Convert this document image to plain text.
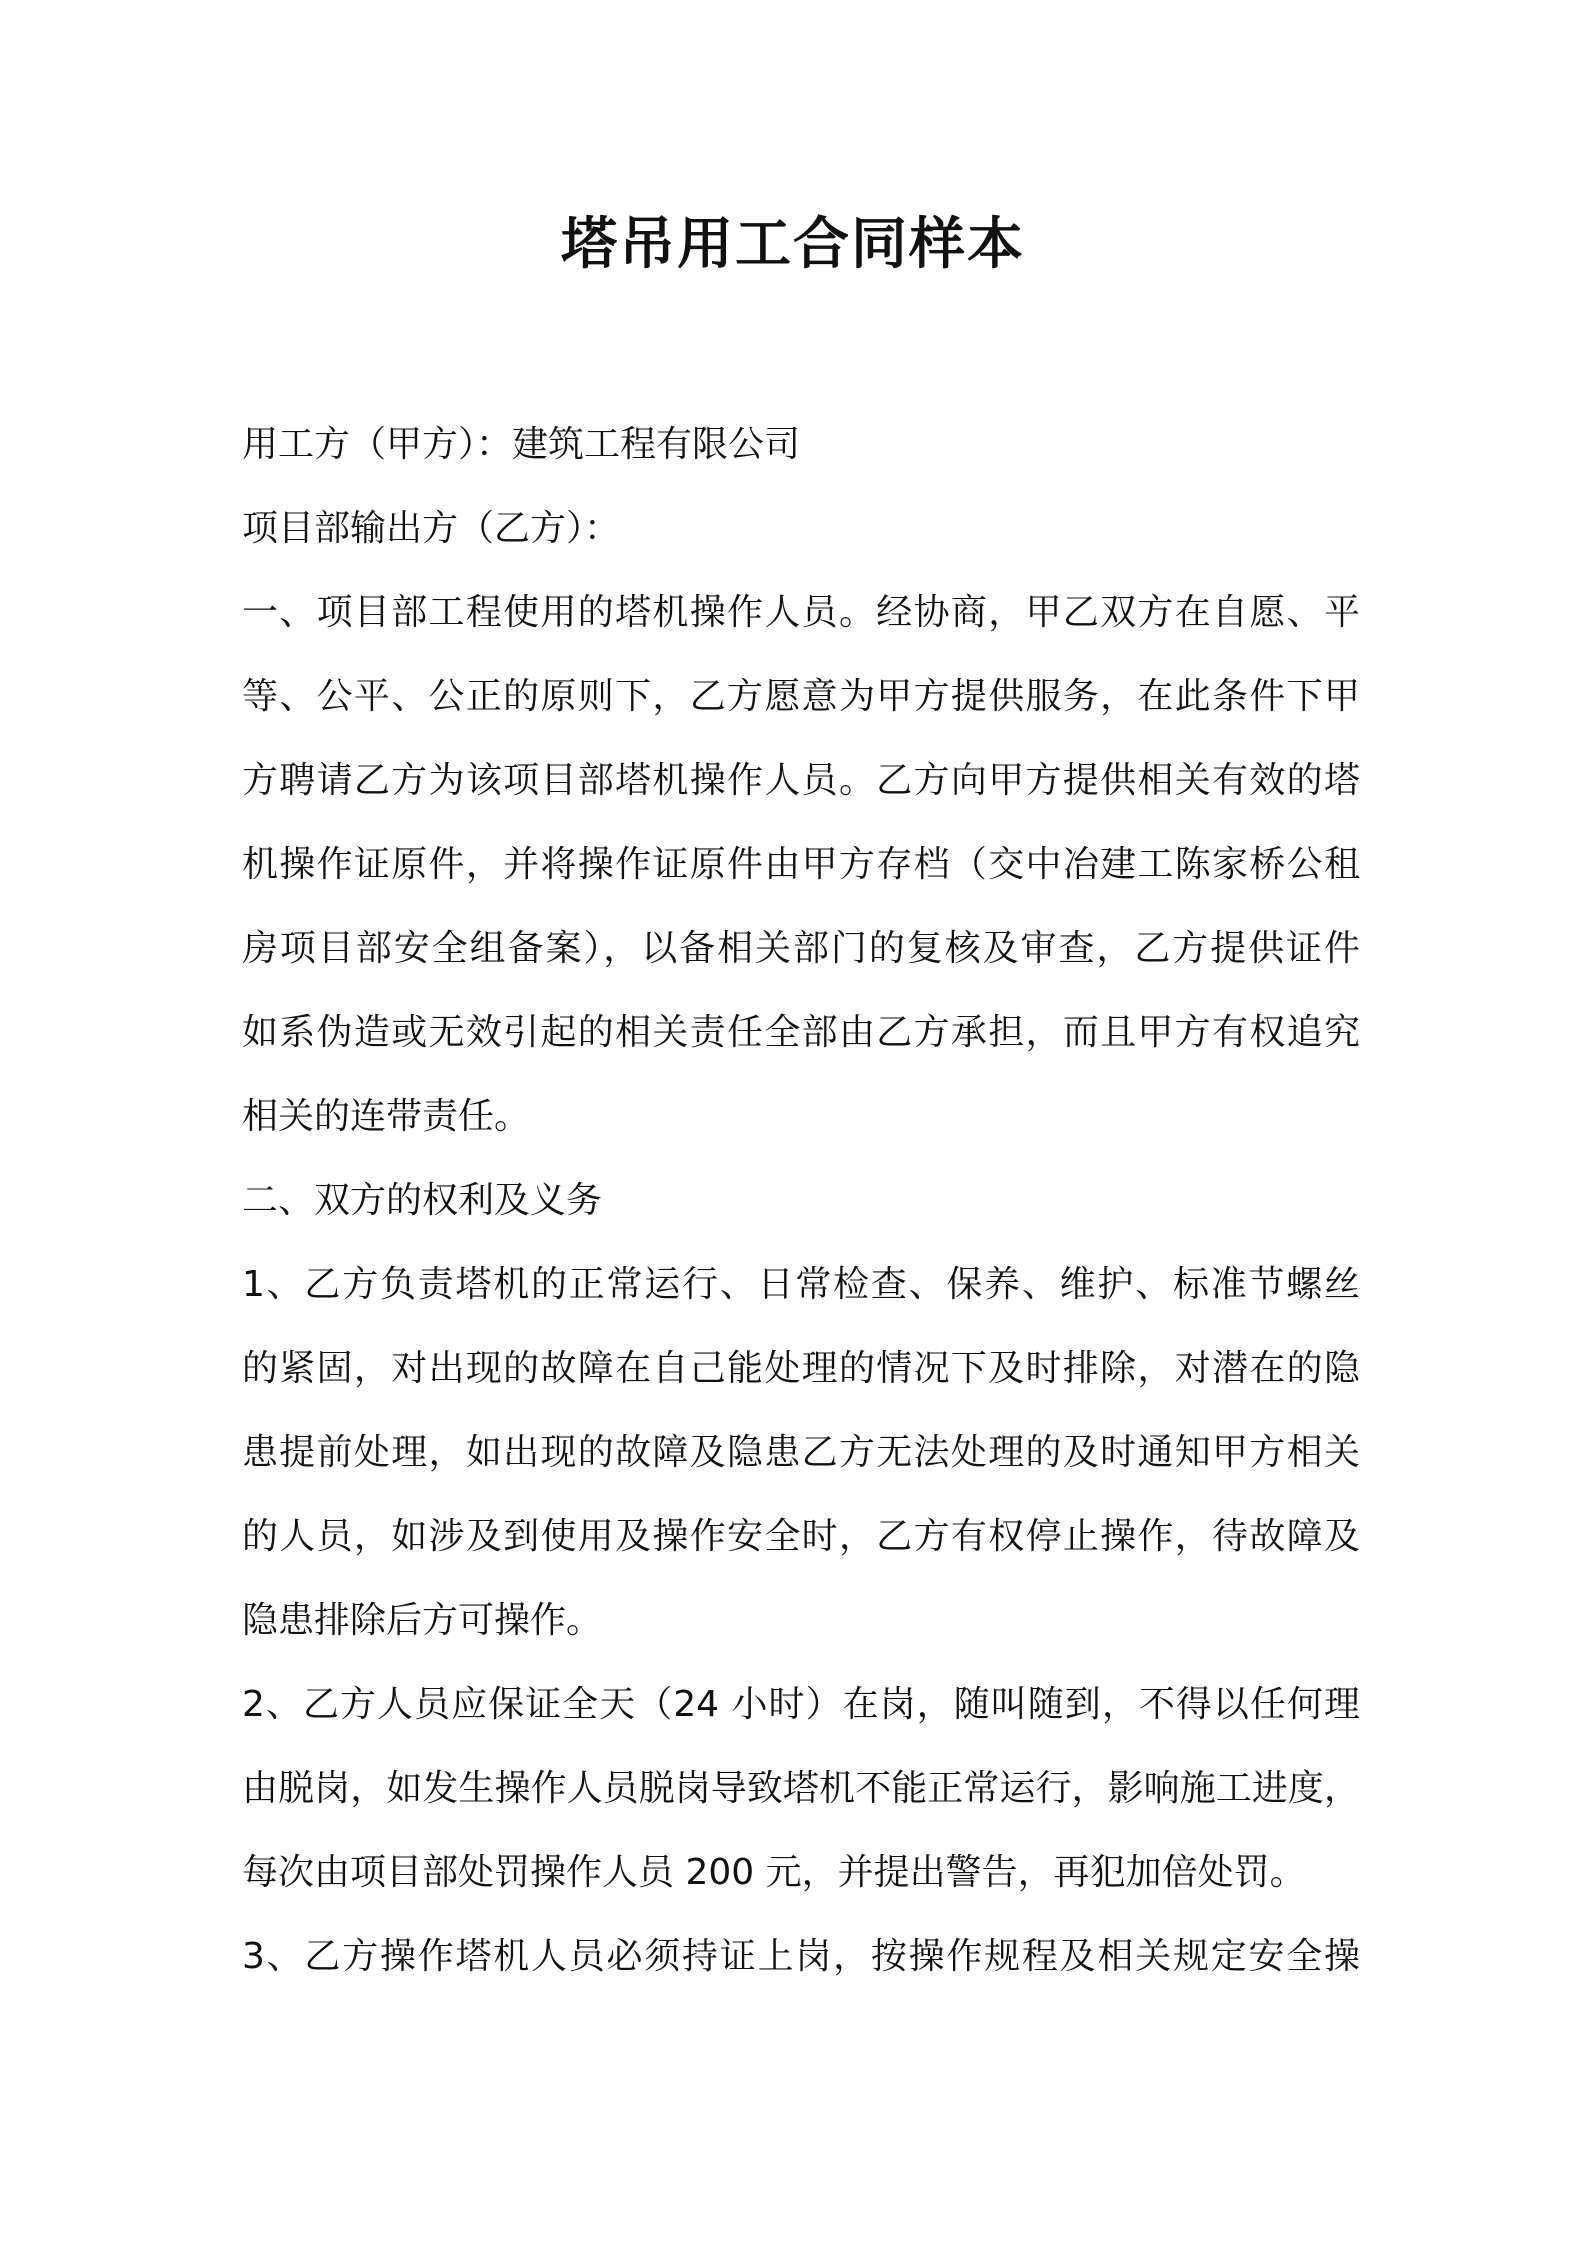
塔吊用工合同样本
用工方（甲方）：建筑工程有限公司
项目部输出方（乙方）：
一、项目部工程使用的塔机操作人员。经协商，甲乙双方在自愿、平
等、公平、公正的原则下，乙方愿意为甲方提供服务，在此条件下甲
方聘请乙方为该项目部塔机操作人员。乙方向甲方提供相关有效的塔
机操作证原件，并将操作证原件由甲方存档（交中冶建工陈家桥公租
房项目部安全组备案），以备相关部门的复核及审查，乙方提供证件
如系伪造或无效引起的相关责任全部由乙方承担，而且甲方有权追究
相关的连带责任。
二、双方的权利及义务
1、乙方负责塔机的正常运行、日常检查、保养、维护、标准节螺丝
的紧固，对出现的故障在自己能处理的情况下及时排除，对潜在的隐
患提前处理，如出现的故障及隐患乙方无法处理的及时通知甲方相关
的人员，如涉及到使用及操作安全时，乙方有权停止操作，待故障及
隐患排除后方可操作。
2、乙方人员应保证全天（24 小时）在岗，随叫随到，不得以任何理
由脱岗，如发生操作人员脱岗导致塔机不能正常运行，影响施工进度，
每次由项目部处罚操作人员 200 元，并提出警告，再犯加倍处罚。
3、乙方操作塔机人员必须持证上岗，按操作规程及相关规定安全操
